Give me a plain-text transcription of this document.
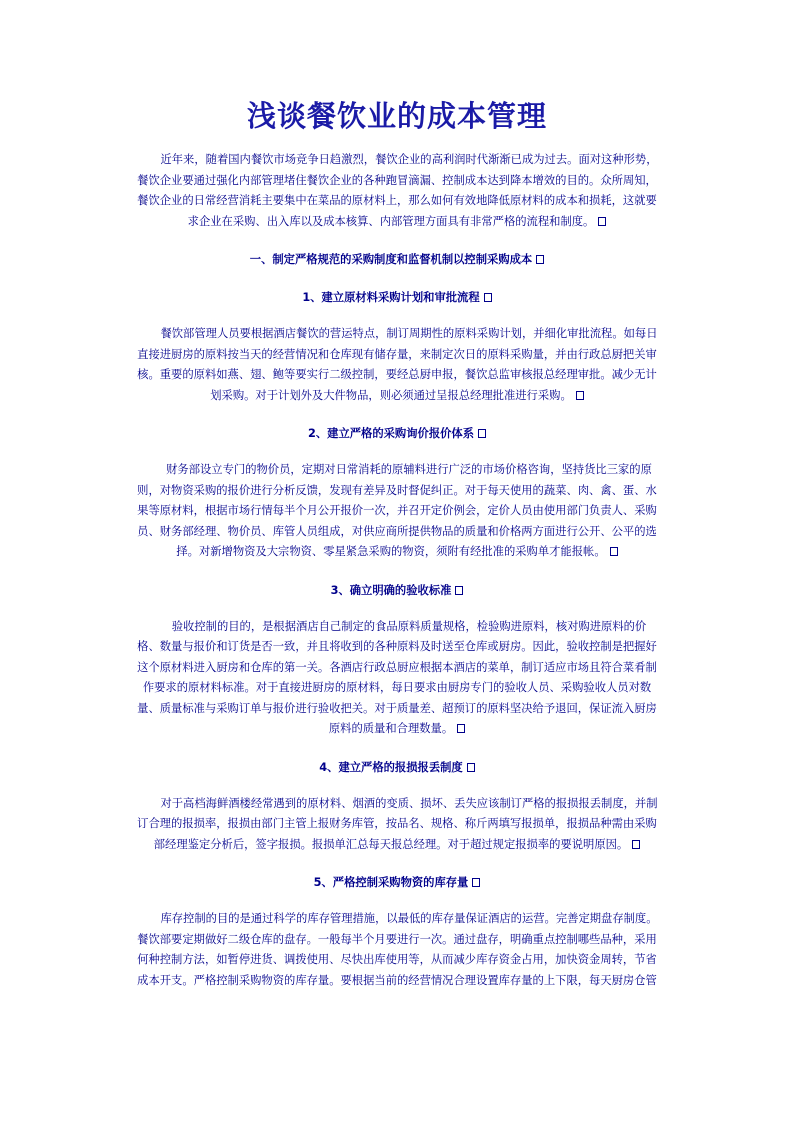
浅谈餐饮业的成本管理

近年来，随着国内餐饮市场竞争日趋激烈，餐饮企业的高利润时代渐渐已成为过去。面对这种形势，

餐饮企业要通过强化内部管理堵住餐饮企业的各种跑冒滴漏、控制成本达到降本增效的目的。众所周知，

餐饮企业的日常经营消耗主要集中在菜品的原材料上，那么如何有效地降低原材料的成本和损耗，这就要

求企业在采购、出入库以及成本核算、内部管理方面具有非常严格的流程和制度。

一、制定严格规范的采购制度和监督机制以控制采购成本

1、建立原材料采购计划和审批流程

餐饮部管理人员要根据酒店餐饮的营运特点，制订周期性的原料采购计划，并细化审批流程。如每日

直接进厨房的原料按当天的经营情况和仓库现有储存量，来制定次日的原料采购量，并由行政总厨把关审

核。重要的原料如燕、翅、鲍等要实行二级控制，要经总厨申报，餐饮总监审核报总经理审批。减少无计

划采购。对于计划外及大件物品，则必须通过呈报总经理批准进行采购。

2、建立严格的采购询价报价体系

财务部设立专门的物价员，定期对日常消耗的原辅料进行广泛的市场价格咨询，坚持货比三家的原

则，对物资采购的报价进行分析反馈，发现有差异及时督促纠正。对于每天使用的蔬菜、肉、禽、蛋、水

果等原材料，根据市场行情每半个月公开报价一次，并召开定价例会，定价人员由使用部门负责人、采购

员、财务部经理、物价员、库管人员组成，对供应商所提供物品的质量和价格两方面进行公开、公平的选

择。对新增物资及大宗物资、零星紧急采购的物资，须附有经批准的采购单才能报帐。

3、确立明确的验收标准

验收控制的目的，是根据酒店自己制定的食品原料质量规格，检验购进原料，核对购进原料的价

格、数量与报价和订货是否一致，并且将收到的各种原料及时送至仓库或厨房。因此，验收控制是把握好

这个原材料进入厨房和仓库的第一关。各酒店行政总厨应根据本酒店的菜单，制订适应市场且符合菜肴制

作要求的原材料标准。对于直接进厨房的原材料，每日要求由厨房专门的验收人员、采购验收人员对数

量、质量标准与采购订单与报价进行验收把关。对于质量差、超预订的原料坚决给予退回，保证流入厨房

原料的质量和合理数量。

4、建立严格的报损报丢制度

对于高档海鲜酒楼经常遇到的原材料、烟酒的变质、损坏、丢失应该制订严格的报损报丢制度，并制

订合理的报损率，报损由部门主管上报财务库管，按品名、规格、称斤两填写报损单，报损品种需由采购

部经理鉴定分析后，签字报损。报损单汇总每天报总经理。对于超过规定报损率的要说明原因。

5、严格控制采购物资的库存量

库存控制的目的是通过科学的库存管理措施，以最低的库存量保证酒店的运营。完善定期盘存制度。

餐饮部要定期做好二级仓库的盘存。一般每半个月要进行一次。通过盘存，明确重点控制哪些品种，采用

何种控制方法，如暂停进货、调拨使用、尽快出库使用等，从而减少库存资金占用，加快资金周转，节省

成本开支。严格控制采购物资的库存量。要根据当前的经营情况合理设置库存量的上下限，每天厨房仓管
